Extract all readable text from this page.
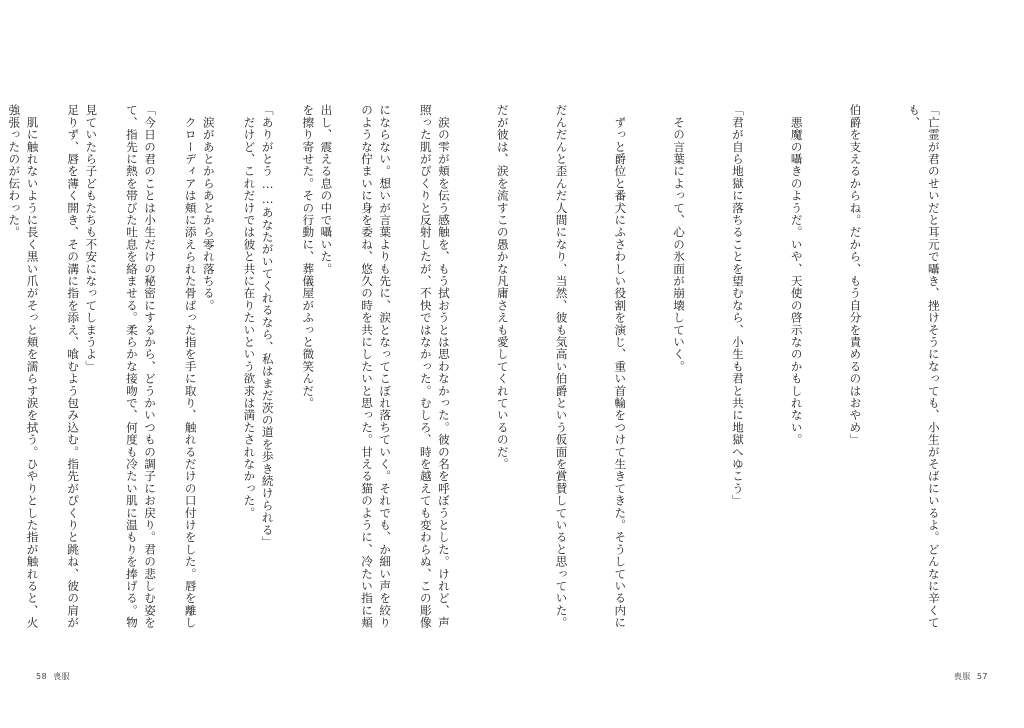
照った肌がぴくりと反射したが、不快ではなかった。むしろ、時を越えても変わらぬ、この彫像

のような佇まいに身を委ね、悠久の時を共にしたいと思った。甘える猫のように、冷たい指に頬

を擦り寄せた。その行動に、葬儀屋がふっと微笑んだ。

　だけど、これだけでは彼と共に在りたいという欲求は満たされなかった。

　クローディアは頬に添えられた骨ばった指を手に取り、触れるだけの口付けをした。唇を離し

て、指先に熱を帯びた吐息を絡ませる。柔らかな接吻で、何度も冷たい肌に温もりを捧げる。物

足りず、唇を薄く開き、その溝に指を添え、喰むよう包み込む。指先がぴくりと跳ね、彼の肩が

強張ったのが伝わった。

58 喪服

「亡霊が君のせいだと耳元で囁き、挫けそうになっても、小生がそばにいるよ。どんなに辛くても、

伯爵を支えるからね。だから、もう自分を責めるのはおやめ」

　悪魔の囁きのようだ。いや、天使の啓示なのかもしれない。

「君が自ら地獄に落ちることを望むなら、小生も君と共に地獄へゆこう」

　その言葉によって、心の氷面が崩壊していく。

　ずっと爵位と番犬にふさわしい役割を演じ、重い首輪をつけて生きてきた。そうしている内に

だんだんと歪んだ人間になり、当然、彼も気高い伯爵という仮面を賞賛していると思っていた。

だが彼は、涙を流すこの愚かな凡庸さえも愛してくれているのだ。

　涙の雫が頬を伝う感触を、もう拭おうとは思わなかった。彼の名を呼ぼうとした。けれど、声

にならない。想いが言葉よりも先に、涙となってこぼれ落ちていく。それでも、か細い声を絞り

出し、震える息の中で囁いた。

「ありがとう……あなたがいてくれるなら、私はまだ茨の道を歩き続けられる」

　涙があとからあとから零れ落ちる。

「今日の君のことは小生だけの秘密にするから、どうかいつもの調子にお戻り。君の悲しむ姿を

見ていたら子どもたちも不安になってしまうよ」

　肌に触れないように長く黒い爪がそっと頬を濡らす涙を拭う。ひやりとした指が触れると、火

喪服 57
